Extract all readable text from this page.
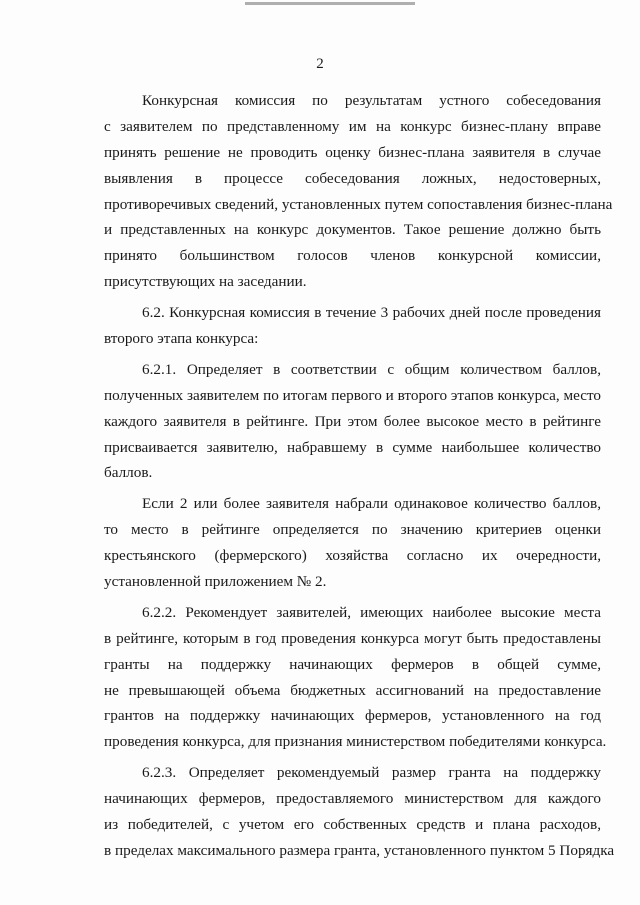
2
Конкурсная комиссия по результатам устного собеседования
с заявителем по представленному им на конкурс бизнес-плану вправе
принять решение не проводить оценку бизнес-плана заявителя в случае
выявления в процессе собеседования ложных, недостоверных,
противоречивых сведений, установленных путем сопоставления бизнес-плана
и представленных на конкурс документов. Такое решение должно быть
принято большинством голосов членов конкурсной комиссии,
присутствующих на заседании.
6.2. Конкурсная комиссия в течение 3 рабочих дней после проведения
второго этапа конкурса:
6.2.1. Определяет в соответствии с общим количеством баллов,
полученных заявителем по итогам первого и второго этапов конкурса, место
каждого заявителя в рейтинге. При этом более высокое место в рейтинге
присваивается заявителю, набравшему в сумме наибольшее количество
баллов.
Если 2 или более заявителя набрали одинаковое количество баллов,
то место в рейтинге определяется по значению критериев оценки
крестьянского (фермерского) хозяйства согласно их очередности,
установленной приложением № 2.
6.2.2. Рекомендует заявителей, имеющих наиболее высокие места
в рейтинге, которым в год проведения конкурса могут быть предоставлены
гранты на поддержку начинающих фермеров в общей сумме,
не превышающей объема бюджетных ассигнований на предоставление
грантов на поддержку начинающих фермеров, установленного на год
проведения конкурса, для признания министерством победителями конкурса.
6.2.3. Определяет рекомендуемый размер гранта на поддержку
начинающих фермеров, предоставляемого министерством для каждого
из победителей, с учетом его собственных средств и плана расходов,
в пределах максимального размера гранта, установленного пунктом 5 Порядка
